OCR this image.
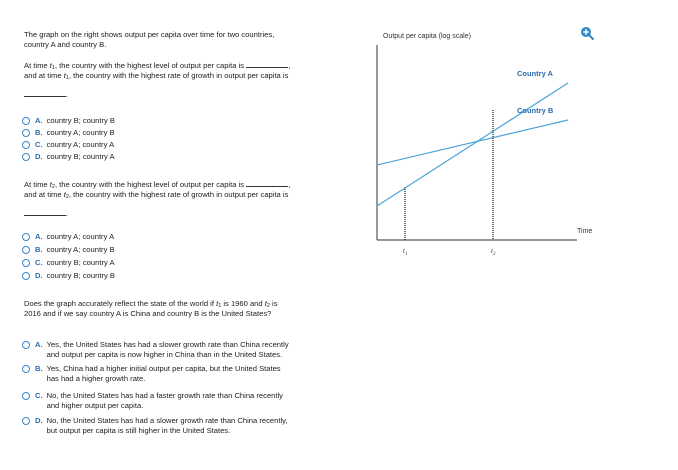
The graph on the right shows output per capita over time for two countries,
country A and country B.
At time $t_1$, the country with the highest level of output per capita is	,
and at time $t_1$, the country with the highest rate of growth in output per capita is
.
A. country B; country B
B. country A; country B
C. country A; country A
D. country B; country A
At time $t_2$, the country with the highest level of output per capita is	,
and at time $t_2$, the country with the highest rate of growth in output per capita is
.
A. country A; country A
B. country A; country B
C. country B; country A
D. country B; country B
Does the graph accurately reflect the state of the world if $t_1$ is 1960 and $t_2$ is
2016 and if we say country A is China and country B is the United States?
A. Yes, the United States has had a slower growth rate than China recently
and output per capita is now higher in China than in the United States.
B. Yes, China had a higher initial output per capita, but the United States
has had a higher growth rate.
C. No, the United States has had a faster growth rate than China recently
and higher output per capita.
D. No, the United States has had a slower growth rate than China recently,
but output per capita is still higher in the United States.
Output per capita (log scale)
Country A
Country B
Time
$t_1$	$t_2$
